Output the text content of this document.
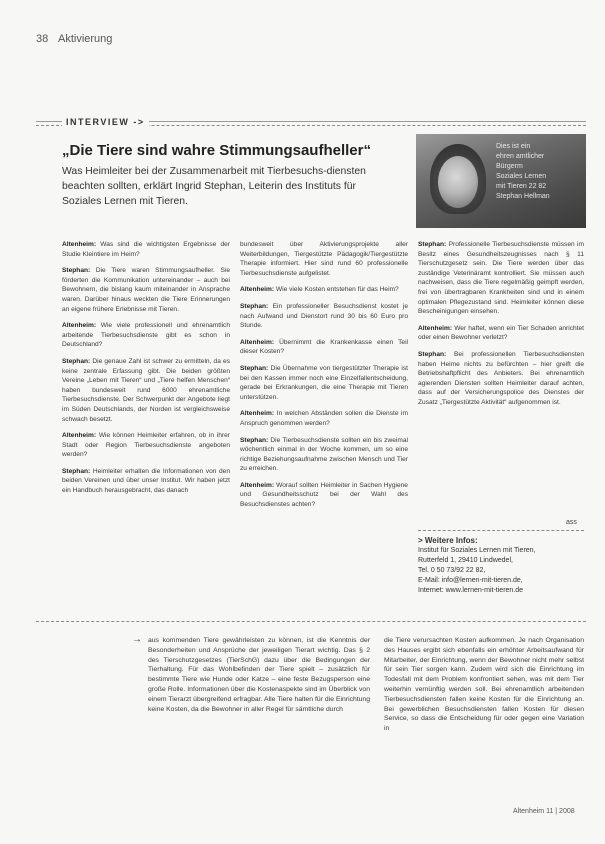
38 Aktivierung
INTERVIEW ->
„Die Tiere sind wahre Stimmungsaufheller“
Was Heimleiter bei der Zusammenarbeit mit Tierbesuchs-diensten beachten sollten, erklärt Ingrid Stephan, Leiterin des Instituts für Soziales Lernen mit Tieren.
Dies ist ein
ehren amtlicher
Bürgerm
Soziales Lernen
mit Tieren 22 82
Stephan Hellman

Altenheim: Was sind die wichtigsten Ergebnisse der Studie Kleintiere im Heim?

Stephan: Die Tiere waren Stimmungsaufheller. Sie förderten die Kommunikation untereinander – auch bei Bewohnern, die bislang kaum miteinander in Ansprache waren. Darüber hinaus weckten die Tiere Erinnerungen an eigene frühere Erlebnisse mit Tieren.

Altenheim: Wie viele professionell und ehrenamtlich arbeitende Tierbesuchsdienste gibt es schon in Deutschland?

Stephan: Die genaue Zahl ist schwer zu ermitteln, da es keine zentrale Erfassung gibt. Die beiden größten Vereine „Leben mit Tieren“ und „Tiere helfen Menschen“ haben bundesweit rund 6000 ehrenamtliche Tierbesuchsdienste. Der Schwerpunkt der Angebote liegt im Süden Deutschlands, der Norden ist vergleichsweise schwach besetzt.

Altenheim: Wie können Heimleiter erfahren, ob in ihrer Stadt oder Region Tierbesuchsdienste angeboten werden?

Stephan: Heimleiter erhalten die Informationen von den beiden Vereinen und über unser Institut. Wir haben jetzt ein Handbuch herausgebracht, das danach

bundesweit über Aktivierungsprojekte aller Weiterbildungen, Tiergestützte Pädagogik/Tiergestützte Therapie informiert. Hier sind rund 60 professionelle Tierbesuchsdienste aufgelistet.

Altenheim: Wie viele Kosten entstehen für das Heim?

Stephan: Ein professioneller Besuchsdienst kostet je nach Aufwand und Dienstort rund 30 bis 60 Euro pro Stunde.

Altenheim: Übernimmt die Krankenkasse einen Teil dieser Kosten?

Stephan: Die Übernahme von tiergestützter Therapie ist bei den Kassen immer noch eine Einzelfallentscheidung, gerade bei Erkrankungen, die eine Therapie mit Tieren unterstützen.

Altenheim: In welchen Abständen sollen die Dienste im Anspruch genommen werden?

Stephan: Die Tierbesuchsdienste sollten ein bis zweimal wöchentlich einmal in der Woche kommen, um so eine richtige Beziehungsaufnahme zwischen Mensch und Tier zu erreichen.

Altenheim: Worauf sollten Heimleiter in Sachen Hygiene und Gesundheitsschutz bei der Wahl des Besuchsdienstes achten?

Stephan: Professionelle Tierbesuchsdienste müssen im Besitz eines Gesundheitszeugnisses nach § 11 Tierschutzgesetz sein. Die Tiere werden über das zuständige Veterinäramt kontrolliert. Sie müssen auch nachweisen, dass die Tiere regelmäßig geimpft werden, frei von übertragbaren Krankheiten sind und in einem optimalen Pflegezustand sind. Heimleiter können diese Bescheinigungen einsehen.

Altenheim: Wer haftet, wenn ein Tier Schaden anrichtet oder einen Bewohner verletzt?

Stephan: Bei professionellen Tierbesuchsdiensten haben Heime nichts zu befürchten – hier greift die Betriebshaftpflicht des Anbieters. Bei ehrenamtlich agierenden Diensten sollten Heimleiter darauf achten, dass auf der Versicherungspolice des Dienstes der Zusatz „Tiergestützte Aktivität“ aufgenommen ist.

ass
> Weitere Infos:
Institut für Soziales Lernen mit Tieren,
Rutterfeld 1, 29410 Lindwedel,
Tel. 0 50 73/92 22 82,
E-Mail: info@lernen-mit-tieren.de,
Internet: www.lernen-mit-tieren.de
→ aus kommenden Tiere gewährleisten zu können, ist die Kenntnis der Besonderheiten und Ansprüche der jeweiligen Tierart wichtig. Das § 2 des Tierschutzgesetzes (TierSchG) dazu über die Bedingungen der Tierhaltung. Für das Wohlbefinden der Tiere spielt – zusätzlich für bestimmte Tiere wie Hunde oder Katze – eine feste Bezugsperson eine große Rolle. Informationen über die Kostenaspekte sind im Überblick von einem Tierarzt übergreifend erfragbar. Alle Tiere halten für die Einrichtung keine Kosten, da die Bewohner in aller Regel für sämtliche durch
die Tiere verursachten Kosten aufkommen. Je nach Organisation des Hauses ergibt sich ebenfalls ein erhöhter Arbeitsaufwand für Mitarbeiter, der Einrichtung, wenn der Bewohner nicht mehr selbst für sein Tier sorgen kann. Zudem wird sich die Einrichtung im Todesfall mit dem Problem konfrontiert sehen, was mit dem Tier weiterhin vernünftig werden soll. Bei ehrenamtlich arbeitenden Tierbesuchsdiensten fallen keine Kosten für die Einrichtung an. Bei gewerblichen Besuchsdiensten fallen Kosten für diesen Service, so dass die Entscheidung für oder gegen eine Variation in
Altenheim 11 | 2008
